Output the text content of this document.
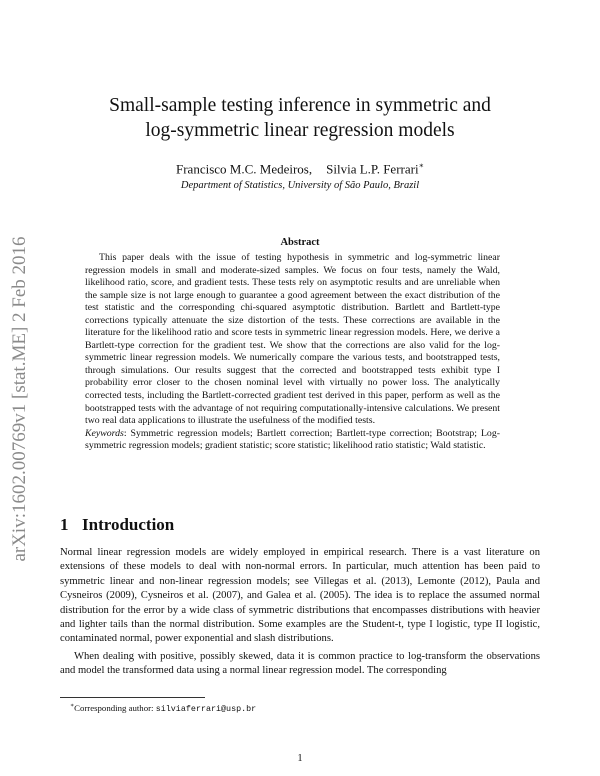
arXiv:1602.00769v1 [stat.ME] 2 Feb 2016
Small-sample testing inference in symmetric and
log-symmetric linear regression models
Francisco M.C. Medeiros, Silvia L.P. Ferrari∗
Department of Statistics, University of São Paulo, Brazil
Abstract

This paper deals with the issue of testing hypothesis in symmetric and log-symmetric linear regression models in small and moderate-sized samples. We focus on four tests, namely the Wald, likelihood ratio, score, and gradient tests. These tests rely on asymptotic results and are unreliable when the sample size is not large enough to guarantee a good agreement between the exact distribution of the test statistic and the corresponding chi-squared asymptotic distribution. Bartlett and Bartlett-type corrections typically attenuate the size distortion of the tests. These corrections are available in the literature for the likelihood ratio and score tests in symmetric linear regression models. Here, we derive a Bartlett-type correction for the gradient test. We show that the corrections are also valid for the log-symmetric linear regression models. We numerically compare the various tests, and bootstrapped tests, through simulations. Our results suggest that the corrected and bootstrapped tests exhibit type I probability error closer to the chosen nominal level with virtually no power loss. The analytically corrected tests, including the Bartlett-corrected gradient test derived in this paper, perform as well as the bootstrapped tests with the advantage of not requiring computationally-intensive calculations. We present two real data applications to illustrate the usefulness of the modified tests.

Keywords: Symmetric regression models; Bartlett correction; Bartlett-type correction; Bootstrap; Log-symmetric regression models; gradient statistic; score statistic; likelihood ratio statistic; Wald statistic.

1 Introduction

Normal linear regression models are widely employed in empirical research. There is a vast literature on extensions of these models to deal with non-normal errors. In particular, much attention has been paid to symmetric linear and non-linear regression models; see Villegas et al. (2013), Lemonte (2012), Paula and Cysneiros (2009), Cysneiros et al. (2007), and Galea et al. (2005). The idea is to replace the assumed normal distribution for the error by a wide class of symmetric distributions that encompasses distributions with heavier and lighter tails than the normal distribution. Some examples are the Student-t, type I logistic, type II logistic, contaminated normal, power exponential and slash distributions.

When dealing with positive, possibly skewed, data it is common practice to log-transform the observations and model the transformed data using a normal linear regression model. The corresponding

∗Corresponding author: silviaferrari@usp.br
1
